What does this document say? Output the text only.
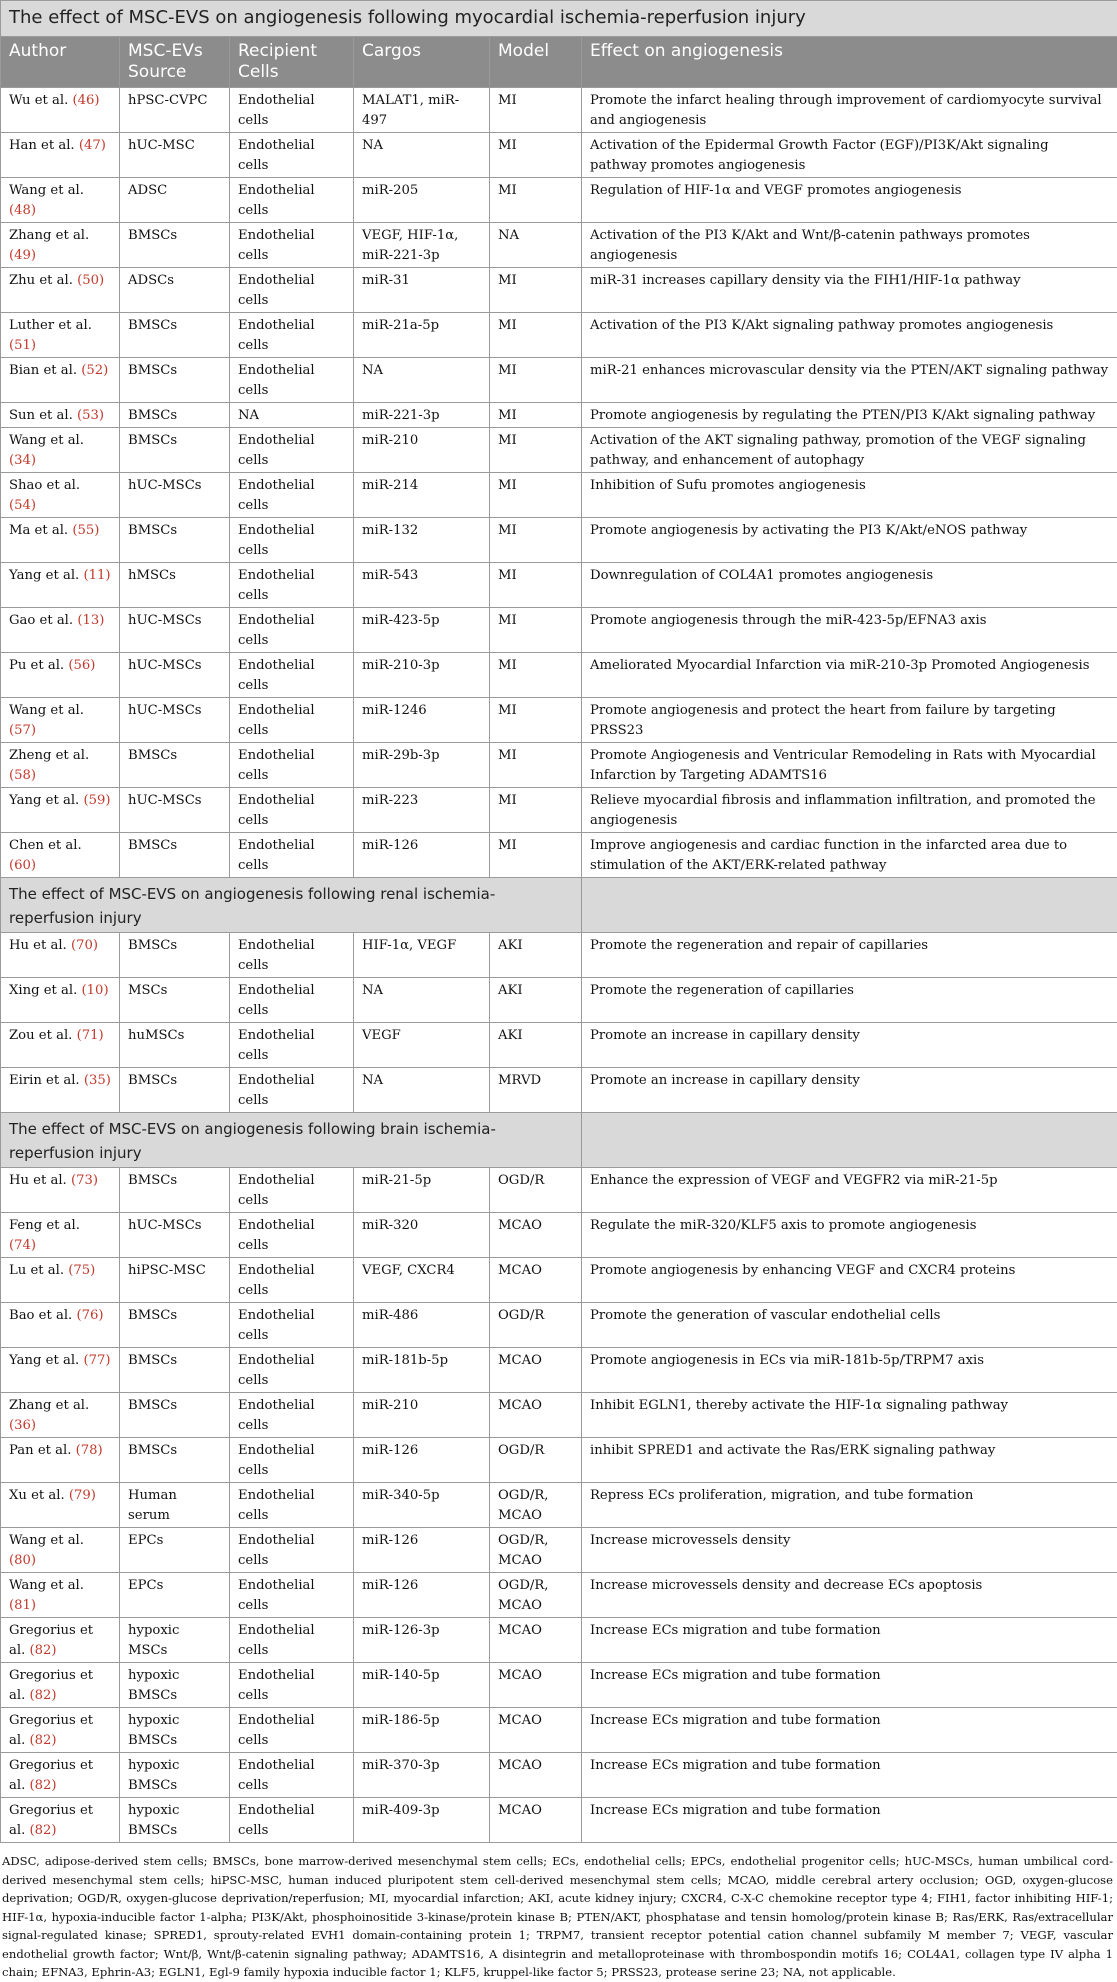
The effect of MSC-EVS on angiogenesis following myocardial ischemia-reperfusion injury					
Author	MSC-EVs Source	Recipient Cells	Cargos	Model	Effect on angiogenesis
Wu et al. (46)	hPSC-CVPC	Endothelial cells	MALAT1, miR-497	MI	Promote the infarct healing through improvement of cardiomyocyte survival and angiogenesis
Han et al. (47)	hUC-MSC	Endothelial cells	NA	MI	Activation of the Epidermal Growth Factor (EGF)/PI3K/Akt signaling pathway promotes angiogenesis
Wang et al. (48)	ADSC	Endothelial cells	miR-205	MI	Regulation of HIF-1α and VEGF promotes angiogenesis
Zhang et al. (49)	BMSCs	Endothelial cells	VEGF, HIF-1α, miR-221-3p	NA	Activation of the PI3 K/Akt and Wnt/β-catenin pathways promotes angiogenesis
Zhu et al. (50)	ADSCs	Endothelial cells	miR-31	MI	miR-31 increases capillary density via the FIH1/HIF-1α pathway
Luther et al. (51)	BMSCs	Endothelial cells	miR-21a-5p	MI	Activation of the PI3 K/Akt signaling pathway promotes angiogenesis
Bian et al. (52)	BMSCs	Endothelial cells	NA	MI	miR-21 enhances microvascular density via the PTEN/AKT signaling pathway
Sun et al. (53)	BMSCs	NA	miR-221-3p	MI	Promote angiogenesis by regulating the PTEN/PI3 K/Akt signaling pathway
Wang et al. (34)	BMSCs	Endothelial cells	miR-210	MI	Activation of the AKT signaling pathway, promotion of the VEGF signaling pathway, and enhancement of autophagy
Shao et al. (54)	hUC-MSCs	Endothelial cells	miR-214	MI	Inhibition of Sufu promotes angiogenesis
Ma et al. (55)	BMSCs	Endothelial cells	miR-132	MI	Promote angiogenesis by activating the PI3 K/Akt/eNOS pathway
Yang et al. (11)	hMSCs	Endothelial cells	miR-543	MI	Downregulation of COL4A1 promotes angiogenesis
Gao et al. (13)	hUC-MSCs	Endothelial cells	miR-423-5p	MI	Promote angiogenesis through the miR-423-5p/EFNA3 axis
Pu et al. (56)	hUC-MSCs	Endothelial cells	miR-210-3p	MI	Ameliorated Myocardial Infarction via miR-210-3p Promoted Angiogenesis
Wang et al. (57)	hUC-MSCs	Endothelial cells	miR-1246	MI	Promote angiogenesis and protect the heart from failure by targeting PRSS23
Zheng et al. (58)	BMSCs	Endothelial cells	miR-29b-3p	MI	Promote Angiogenesis and Ventricular Remodeling in Rats with Myocardial Infarction by Targeting ADAMTS16
Yang et al. (59)	hUC-MSCs	Endothelial cells	miR-223	MI	Relieve myocardial fibrosis and inflammation infiltration, and promoted the angiogenesis
Chen et al. (60)	BMSCs	Endothelial cells	miR-126	MI	Improve angiogenesis and cardiac function in the infarcted area due to stimulation of the AKT/ERK-related pathway
The effect of MSC-EVS on angiogenesis following renal ischemia-reperfusion injury					
Hu et al. (70)	BMSCs	Endothelial cells	HIF-1α, VEGF	AKI	Promote the regeneration and repair of capillaries
Xing et al. (10)	MSCs	Endothelial cells	NA	AKI	Promote the regeneration of capillaries
Zou et al. (71)	huMSCs	Endothelial cells	VEGF	AKI	Promote an increase in capillary density
Eirin et al. (35)	BMSCs	Endothelial cells	NA	MRVD	Promote an increase in capillary density
The effect of MSC-EVS on angiogenesis following brain ischemia-reperfusion injury					
Hu et al. (73)	BMSCs	Endothelial cells	miR-21-5p	OGD/R	Enhance the expression of VEGF and VEGFR2 via miR-21-5p
Feng et al. (74)	hUC-MSCs	Endothelial cells	miR-320	MCAO	Regulate the miR-320/KLF5 axis to promote angiogenesis
Lu et al. (75)	hiPSC-MSC	Endothelial cells	VEGF, CXCR4	MCAO	Promote angiogenesis by enhancing VEGF and CXCR4 proteins
Bao et al. (76)	BMSCs	Endothelial cells	miR-486	OGD/R	Promote the generation of vascular endothelial cells
Yang et al. (77)	BMSCs	Endothelial cells	miR-181b-5p	MCAO	Promote angiogenesis in ECs via miR-181b-5p/TRPM7 axis
Zhang et al. (36)	BMSCs	Endothelial cells	miR-210	MCAO	Inhibit EGLN1, thereby activate the HIF-1α signaling pathway
Pan et al. (78)	BMSCs	Endothelial cells	miR-126	OGD/R	inhibit SPRED1 and activate the Ras/ERK signaling pathway
Xu et al. (79)	Human serum	Endothelial cells	miR-340-5p	OGD/R, MCAO	Repress ECs proliferation, migration, and tube formation
Wang et al. (80)	EPCs	Endothelial cells	miR-126	OGD/R, MCAO	Increase microvessels density
Wang et al. (81)	EPCs	Endothelial cells	miR-126	OGD/R, MCAO	Increase microvessels density and decrease ECs apoptosis
Gregorius et al. (82)	hypoxic MSCs	Endothelial cells	miR-126-3p	MCAO	Increase ECs migration and tube formation
Gregorius et al. (82)	hypoxic BMSCs	Endothelial cells	miR-140-5p	MCAO	Increase ECs migration and tube formation
Gregorius et al. (82)	hypoxic BMSCs	Endothelial cells	miR-186-5p	MCAO	Increase ECs migration and tube formation
Gregorius et al. (82)	hypoxic BMSCs	Endothelial cells	miR-370-3p	MCAO	Increase ECs migration and tube formation
Gregorius et al. (82)	hypoxic BMSCs	Endothelial cells	miR-409-3p	MCAO	Increase ECs migration and tube formation

ADSC, adipose-derived stem cells; BMSCs, bone marrow-derived mesenchymal stem cells; ECs, endothelial cells; EPCs, endothelial progenitor cells; hUC-MSCs, human umbilical cord-derived mesenchymal stem cells; hiPSC-MSC, human induced pluripotent stem cell-derived mesenchymal stem cells; MCAO, middle cerebral artery occlusion; OGD, oxygen-glucose deprivation; OGD/R, oxygen-glucose deprivation/reperfusion; MI, myocardial infarction; AKI, acute kidney injury; CXCR4, C-X-C chemokine receptor type 4; FIH1, factor inhibiting HIF-1; HIF-1α, hypoxia-inducible factor 1-alpha; PI3K/Akt, phosphoinositide 3-kinase/protein kinase B; PTEN/AKT, phosphatase and tensin homolog/protein kinase B; Ras/ERK, Ras/extracellular signal-regulated kinase; SPRED1, sprouty-related EVH1 domain-containing protein 1; TRPM7, transient receptor potential cation channel subfamily M member 7; VEGF, vascular endothelial growth factor; Wnt/β, Wnt/β-catenin signaling pathway; ADAMTS16, A disintegrin and metalloproteinase with thrombospondin motifs 16; COL4A1, collagen type IV alpha 1 chain; EFNA3, Ephrin-A3; EGLN1, Egl-9 family hypoxia inducible factor 1; KLF5, kruppel-like factor 5; PRSS23, protease serine 23; NA, not applicable.
